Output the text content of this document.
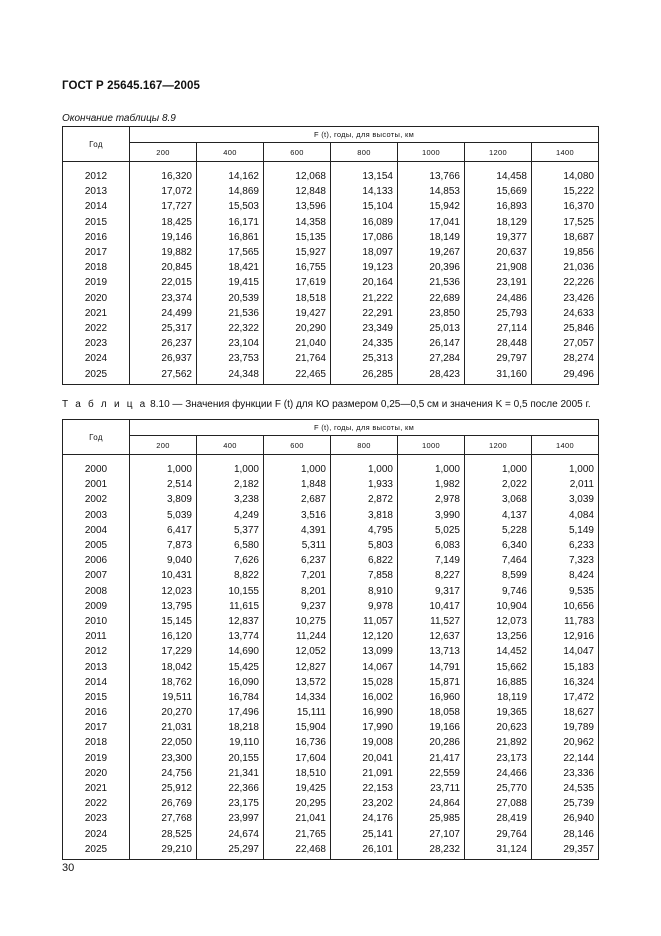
ГОСТ Р 25645.167—2005
Окончание таблицы 8.9
Год	F (t), годы, для высоты, км						
	200	400	600	800	1000	1200	1400

2012	16,320	14,162	12,068	13,154	13,766	14,458	14,080
2013	17,072	14,869	12,848	14,133	14,853	15,669	15,222
2014	17,727	15,503	13,596	15,104	15,942	16,893	16,370
2015	18,425	16,171	14,358	16,089	17,041	18,129	17,525
2016	19,146	16,861	15,135	17,086	18,149	19,377	18,687
2017	19,882	17,565	15,927	18,097	19,267	20,637	19,856
2018	20,845	18,421	16,755	19,123	20,396	21,908	21,036
2019	22,015	19,415	17,619	20,164	21,536	23,191	22,226
2020	23,374	20,539	18,518	21,222	22,689	24,486	23,426
2021	24,499	21,536	19,427	22,291	23,850	25,793	24,633
2022	25,317	22,322	20,290	23,349	25,013	27,114	25,846
2023	26,237	23,104	21,040	24,335	26,147	28,448	27,057
2024	26,937	23,753	21,764	25,313	27,284	29,797	28,274
2025	27,562	24,348	22,465	26,285	28,423	31,160	29,496
Т а б л и ц а 8.10 — Значения функции F (t) для КО размером 0,25—0,5 см и значения K = 0,5 после 2005 г.
Год	F (t), годы, для высоты, км						
	200	400	600	800	1000	1200	1400

2000	1,000	1,000	1,000	1,000	1,000	1,000	1,000
2001	2,514	2,182	1,848	1,933	1,982	2,022	2,011
2002	3,809	3,238	2,687	2,872	2,978	3,068	3,039
2003	5,039	4,249	3,516	3,818	3,990	4,137	4,084
2004	6,417	5,377	4,391	4,795	5,025	5,228	5,149
2005	7,873	6,580	5,311	5,803	6,083	6,340	6,233
2006	9,040	7,626	6,237	6,822	7,149	7,464	7,323
2007	10,431	8,822	7,201	7,858	8,227	8,599	8,424
2008	12,023	10,155	8,201	8,910	9,317	9,746	9,535
2009	13,795	11,615	9,237	9,978	10,417	10,904	10,656
2010	15,145	12,837	10,275	11,057	11,527	12,073	11,783
2011	16,120	13,774	11,244	12,120	12,637	13,256	12,916
2012	17,229	14,690	12,052	13,099	13,713	14,452	14,047
2013	18,042	15,425	12,827	14,067	14,791	15,662	15,183
2014	18,762	16,090	13,572	15,028	15,871	16,885	16,324
2015	19,511	16,784	14,334	16,002	16,960	18,119	17,472
2016	20,270	17,496	15,111	16,990	18,058	19,365	18,627
2017	21,031	18,218	15,904	17,990	19,166	20,623	19,789
2018	22,050	19,110	16,736	19,008	20,286	21,892	20,962
2019	23,300	20,155	17,604	20,041	21,417	23,173	22,144
2020	24,756	21,341	18,510	21,091	22,559	24,466	23,336
2021	25,912	22,366	19,425	22,153	23,711	25,770	24,535
2022	26,769	23,175	20,295	23,202	24,864	27,088	25,739
2023	27,768	23,997	21,041	24,176	25,985	28,419	26,940
2024	28,525	24,674	21,765	25,141	27,107	29,764	28,146
2025	29,210	25,297	22,468	26,101	28,232	31,124	29,357
30
